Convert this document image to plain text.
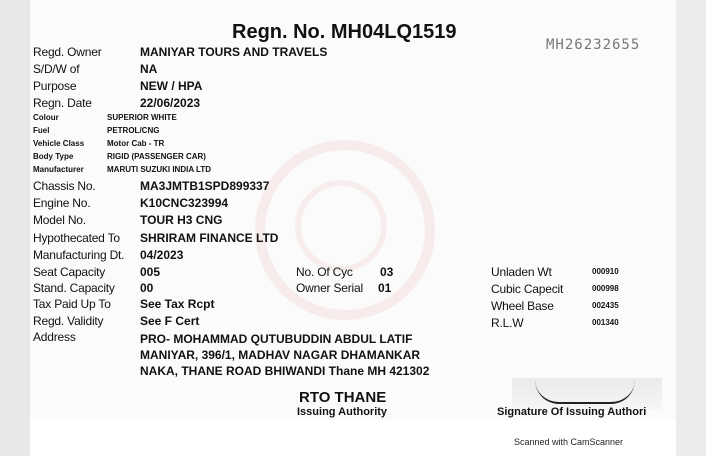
Regn. No. MH04LQ1519
MH26232655
Regd. Owner	MANIYAR TOURS AND TRAVELS
S/D/W of	NA
Purpose	NEW / HPA
Regn. Date	22/06/2023
Colour	SUPERIOR WHITE
Fuel	PETROL/CNG
Vehicle Class	Motor Cab - TR
Body Type	RIGID (PASSENGER CAR)
Manufacturer	MARUTI SUZUKI INDIA LTD
Chassis No.	MA3JMTB1SPD899337
Engine No.	K10CNC323994
Model No.	TOUR H3 CNG
Hypothecated To SHRIRAM FINANCE LTD
Manufacturing Dt. 04/2023
Seat Capacity	005
Stand. Capacity 00
Tax Paid Up To See Tax Rcpt
Regd. Validity	See F Cert
No. Of Cyc 03
Owner Serial 01
Unladen Wt	000910
Cubic Capecit	000998
Wheel Base	002435
R.L.W	001340
Address	PRO- MOHAMMAD QUTUBUDDIN ABDUL LATIF
MANIYAR, 396/1, MADHAV NAGAR DHAMANKAR
NAKA, THANE ROAD BHIWANDI Thane MH 421302
RTO THANE
Issuing Authority	Signature Of Issuing Authori
Scanned with CamScanner
